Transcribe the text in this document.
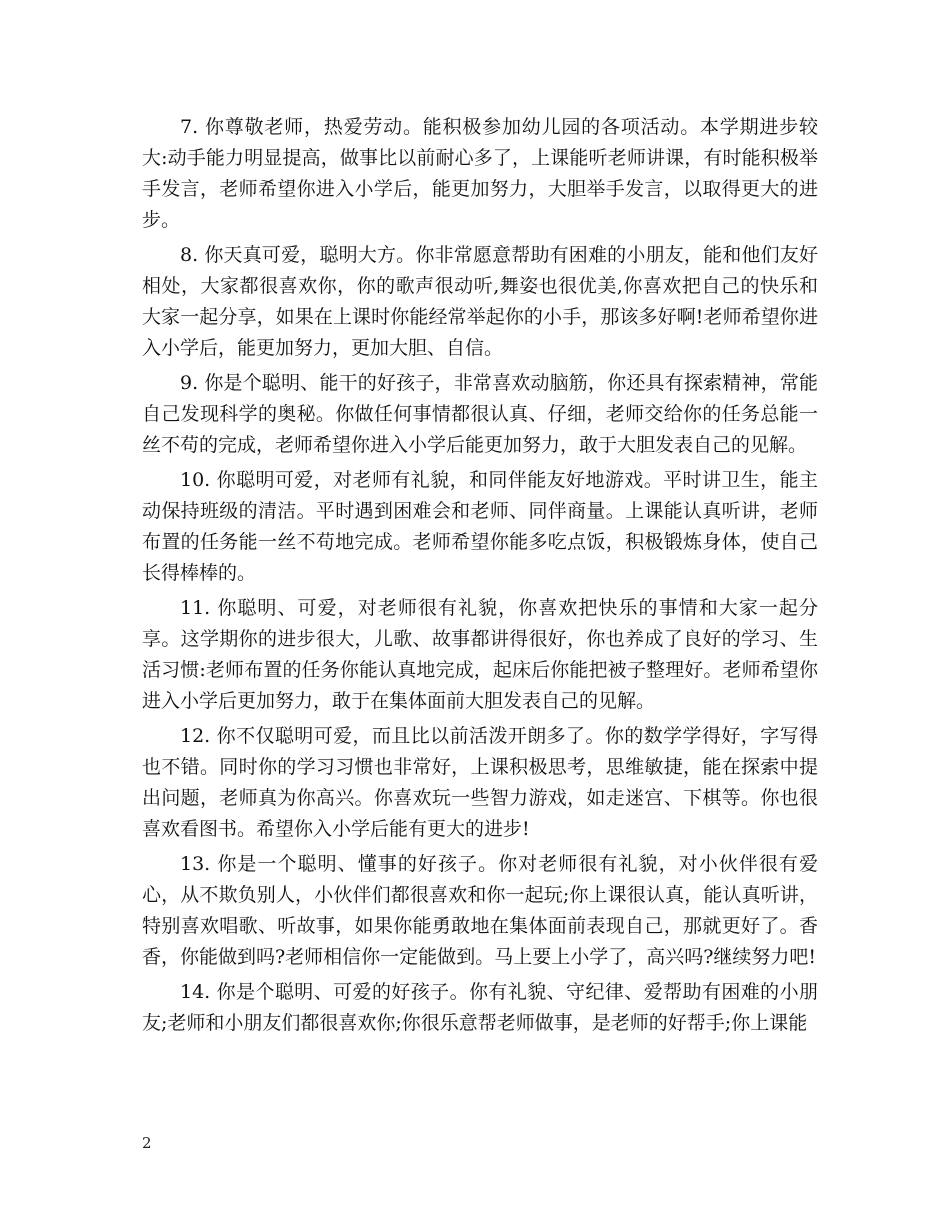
7. 你尊敬老师，热爱劳动。能积极参加幼儿园的各项活动。本学期进步较大:动手能力明显提高，做事比以前耐心多了，上课能听老师讲课，有时能积极举手发言，老师希望你进入小学后，能更加努力，大胆举手发言，以取得更大的进步。

8. 你天真可爱，聪明大方。你非常愿意帮助有困难的小朋友，能和他们友好相处，大家都很喜欢你，你的歌声很动听,舞姿也很优美,你喜欢把自己的快乐和大家一起分享，如果在上课时你能经常举起你的小手，那该多好啊!老师希望你进入小学后，能更加努力，更加大胆、自信。

9. 你是个聪明、能干的好孩子，非常喜欢动脑筋，你还具有探索精神，常能自己发现科学的奥秘。你做任何事情都很认真、仔细，老师交给你的任务总能一丝不苟的完成，老师希望你进入小学后能更加努力，敢于大胆发表自己的见解。

10. 你聪明可爱，对老师有礼貌，和同伴能友好地游戏。平时讲卫生，能主动保持班级的清洁。平时遇到困难会和老师、同伴商量。上课能认真听讲，老师布置的任务能一丝不苟地完成。老师希望你能多吃点饭，积极锻炼身体，使自己长得棒棒的。

11. 你聪明、可爱，对老师很有礼貌，你喜欢把快乐的事情和大家一起分享。这学期你的进步很大，儿歌、故事都讲得很好，你也养成了良好的学习、生活习惯:老师布置的任务你能认真地完成，起床后你能把被子整理好。老师希望你进入小学后更加努力，敢于在集体面前大胆发表自己的见解。

12. 你不仅聪明可爱，而且比以前活泼开朗多了。你的数学学得好，字写得也不错。同时你的学习习惯也非常好，上课积极思考，思维敏捷，能在探索中提出问题，老师真为你高兴。你喜欢玩一些智力游戏，如走迷宫、下棋等。你也很喜欢看图书。希望你入小学后能有更大的进步!

13. 你是一个聪明、懂事的好孩子。你对老师很有礼貌，对小伙伴很有爱心，从不欺负别人，小伙伴们都很喜欢和你一起玩;你上课很认真，能认真听讲，特别喜欢唱歌、听故事，如果你能勇敢地在集体面前表现自己，那就更好了。香香，你能做到吗?老师相信你一定能做到。马上要上小学了，高兴吗?继续努力吧!

14. 你是个聪明、可爱的好孩子。你有礼貌、守纪律、爱帮助有困难的小朋友;老师和小朋友们都很喜欢你;你很乐意帮老师做事，是老师的好帮手;你上课能

2
